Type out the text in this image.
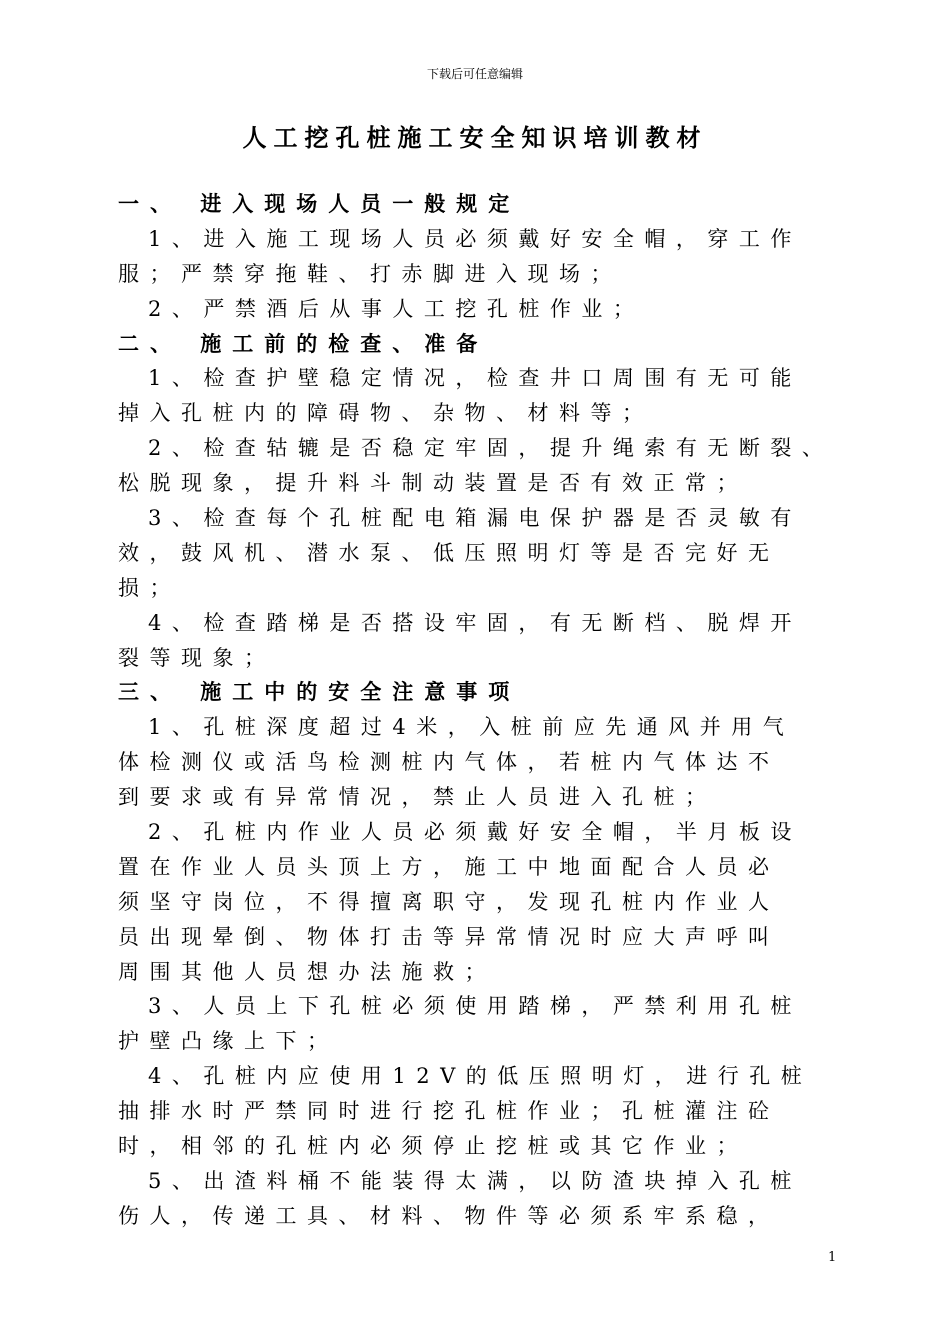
下载后可任意编辑
人工挖孔桩施工安全知识培训教材
一、 进入现场人员一般规定
1、进入施工现场人员必须戴好安全帽，穿工作
服；严禁穿拖鞋、打赤脚进入现场；
2、严禁酒后从事人工挖孔桩作业；
二、 施工前的检查、准备
1、检查护壁稳定情况，检查井口周围有无可能
掉入孔桩内的障碍物、杂物、材料等；
2、检查轱辘是否稳定牢固，提升绳索有无断裂、
松脱现象，提升料斗制动装置是否有效正常；
3、检查每个孔桩配电箱漏电保护器是否灵敏有
效，鼓风机、潜水泵、低压照明灯等是否完好无
损；
4、检查踏梯是否搭设牢固，有无断档、脱焊开
裂等现象；
三、 施工中的安全注意事项
1、孔桩深度超过4米，入桩前应先通风并用气
体检测仪或活鸟检测桩内气体，若桩内气体达不
到要求或有异常情况，禁止人员进入孔桩；
2、孔桩内作业人员必须戴好安全帽，半月板设
置在作业人员头顶上方，施工中地面配合人员必
须坚守岗位，不得擅离职守，发现孔桩内作业人
员出现晕倒、物体打击等异常情况时应大声呼叫
周围其他人员想办法施救；
3、人员上下孔桩必须使用踏梯，严禁利用孔桩
护壁凸缘上下；
4、孔桩内应使用12V的低压照明灯，进行孔桩
抽排水时严禁同时进行挖孔桩作业；孔桩灌注砼
时，相邻的孔桩内必须停止挖桩或其它作业；
5、出渣料桶不能装得太满，以防渣块掉入孔桩
伤人，传递工具、材料、物件等必须系牢系稳，
1
